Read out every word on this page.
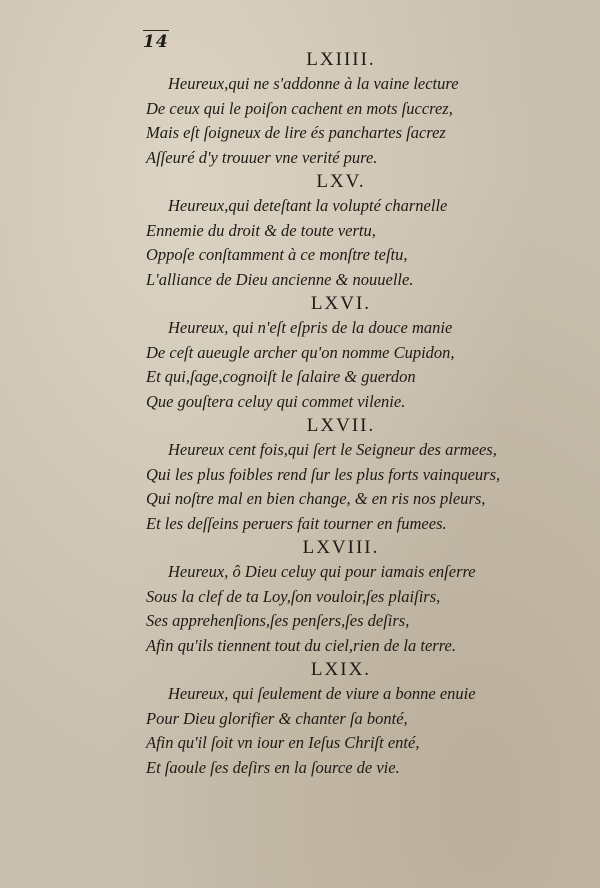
14
LXIIII.
Heureux,qui ne s'addonne à la vaine lecture
De ceux qui le poiſon cachent en mots ſuccrez,
Mais eſt ſoigneux de lire és panchartes ſacrez
Aſſeuré d'y trouuer vne verité pure.
LXV.
Heureux,qui deteſtant la volupté charnelle
Ennemie du droit & de toute vertu,
Oppoſe conſtamment à ce monſtre teſtu,
L'alliance de Dieu ancienne & nouuelle.
LXVI.
Heureux, qui n'eſt eſpris de la douce manie
De ceſt aueugle archer qu'on nomme Cupidon,
Et qui,ſage,cognoiſt le ſalaire & guerdon
Que gouſtera celuy qui commet vilenie.
LXVII.
Heureux cent fois,qui ſert le Seigneur des armees,
Qui les plus foibles rend ſur les plus forts vainqueurs,
Qui noſtre mal en bien change, & en ris nos pleurs,
Et les deſſeins peruers fait tourner en fumees.
LXVIII.
Heureux, ô Dieu celuy qui pour iamais enſerre
Sous la clef de ta Loy,ſon vouloir,ſes plaiſirs,
Ses apprehenſions,ſes penſers,ſes deſirs,
Afin qu'ils tiennent tout du ciel,rien de la terre.
LXIX.
Heureux, qui ſeulement de viure a bonne enuie
Pour Dieu glorifier & chanter ſa bonté,
Afin qu'il ſoit vn iour en Ieſus Chriſt enté,
Et ſaoule ſes deſirs en la ſource de vie.
